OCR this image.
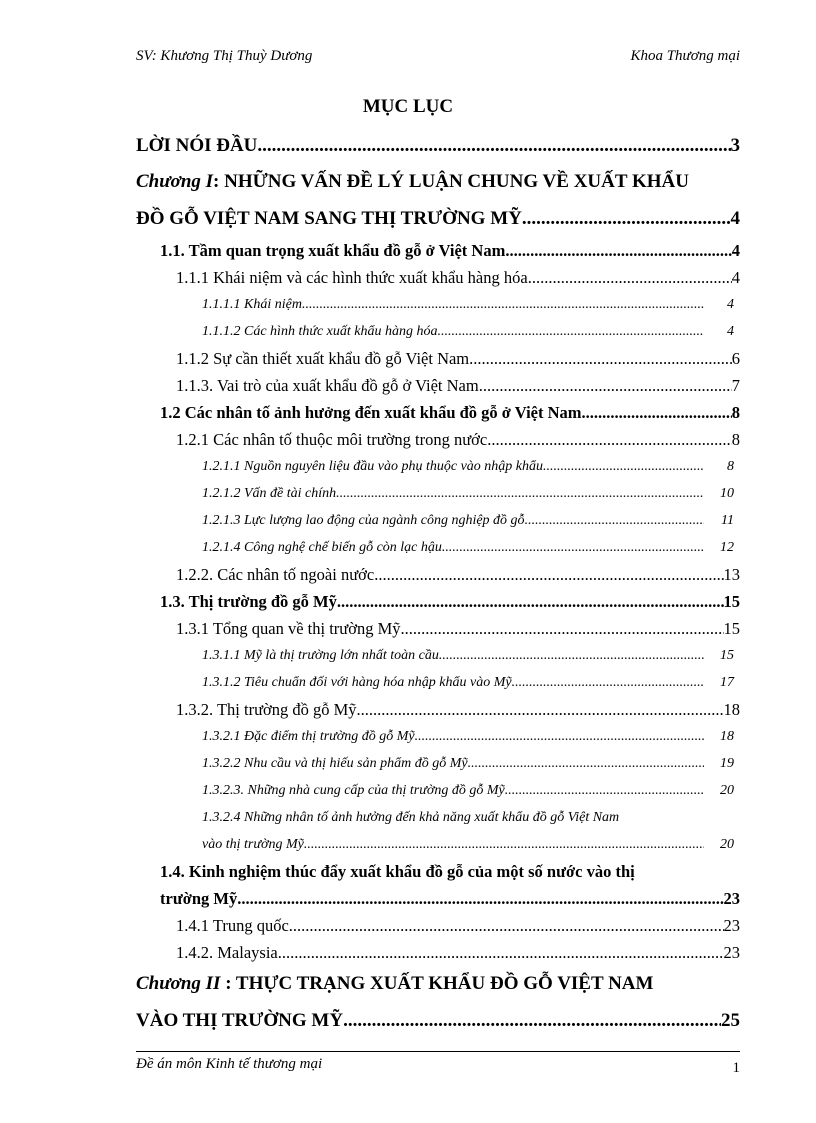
SV: Khương Thị Thuỳ Dương	Khoa Thương mại
MỤC LỤC
LỜI NÓI ĐẦU .....	3
Chương I: NHỮNG VẤN ĐỀ LÝ LUẬN CHUNG VỀ XUẤT KHẨU
ĐỒ GỖ VIỆT NAM SANG THỊ TRƯỜNG MỸ .....	4
1.1. Tầm quan trọng xuất khẩu đồ gỗ ở Việt Nam .....	4
1.1.1 Khái niệm và các hình thức xuất khẩu hàng hóa .....	4
1.1.1.1 Khái niệm .....	4
1.1.1.2 Các hình thức xuất khẩu hàng hóa .....	4
1.1.2 Sự cần thiết xuất khẩu đồ gỗ Việt Nam .....	6
1.1.3. Vai trò của xuất khẩu đồ gỗ ở Việt Nam .....	7
1.2 Các nhân tố ảnh hưởng đến xuất khẩu đồ gỗ ở Việt Nam .....	8
1.2.1 Các nhân tố thuộc môi trường trong nước .....	8
1.2.1.1 Nguồn nguyên liệu đầu vào phụ thuộc vào nhập khẩu .....	8
1.2.1.2 Vấn đề tài chính .....	10
1.2.1.3 Lực lượng lao động của ngành công nghiệp đồ gỗ .....	11
1.2.1.4 Công nghệ chế biến gỗ còn lạc hậu .....	12
1.2.2. Các nhân tố ngoài nước .....	13
1.3. Thị trường đồ gỗ Mỹ .....	15
1.3.1 Tổng quan về thị trường Mỹ .....	15
1.3.1.1 Mỹ là thị trường lớn nhất toàn cầu. .....	15
1.3.1.2 Tiêu chuẩn đối với hàng hóa nhập khẩu vào Mỹ .....	17
1.3.2. Thị trường đồ gỗ Mỹ .....	18
1.3.2.1 Đặc điểm thị trường đồ gỗ Mỹ .....	18
1.3.2.2 Nhu cầu và thị hiếu sản phẩm đồ gỗ Mỹ .....	19
1.3.2.3. Những nhà cung cấp của thị trường đồ gỗ Mỹ. .....	20
1.3.2.4 Những nhân tố ảnh hưởng đến khả năng xuất khẩu đồ gỗ Việt Nam
vào thị trường Mỹ. .....	20
1.4. Kinh nghiệm thúc đẩy xuất khẩu đồ gỗ của một số nước vào thị
trường Mỹ .....	23
1.4.1 Trung quốc .....	23
1.4.2. Malaysia .....	23
Chương II : THỰC TRẠNG XUẤT KHẨU ĐỒ GỖ VIỆT NAM
VÀO THỊ TRƯỜNG MỸ .....	25
Đề án môn Kinh tế thương mại	1
